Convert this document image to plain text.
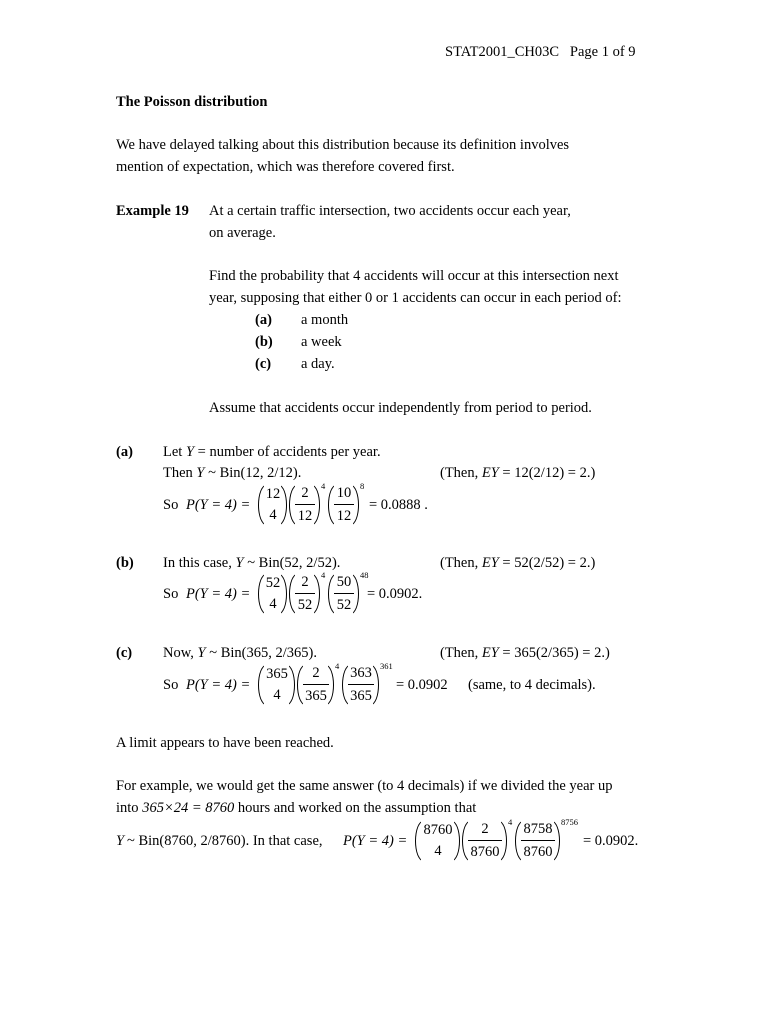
STAT2001_CH03C Page 1 of 9
The Poisson distribution
We have delayed talking about this distribution because its definition involves
mention of expectation, which was therefore covered first.
Example 19 At a certain traffic intersection, two accidents occur each year,
on average.
Find the probability that 4 accidents will occur at this intersection next
year, supposing that either 0 or 1 accidents can occur in each period of:
(a) a month
(b) a week
(c) a day.
Assume that accidents occur independently from period to period.
(a) Let Y = number of accidents per year.
Then Y ~ Bin(12, 2/12).	(Then, EY = 12(2/12) = 2.)
So P(Y = 4) =
12
4
2
12
4 10
12
8
= 0.0888 .
(b) In this case, Y ~ Bin(52, 2/52).	(Then, EY = 52(2/52) = 2.)
So P(Y = 4) =
52
4
2
52
4 50
52
48
= 0.0902.
(c) Now, Y ~ Bin(365, 2/365).	(Then, EY = 365(2/365) = 2.)
So P(Y = 4) =
365
4
2
365
4 363
365
361
= 0.0902 (same, to 4 decimals).
A limit appears to have been reached.
For example, we would get the same answer (to 4 decimals) if we divided the year up
into 365×24 = 8760 hours and worked on the assumption that
Y ~ Bin(8760, 2/8760). In that case, P(Y = 4) =
8760
4
2
8760
4 8758
8760
8756
= 0.0902.
